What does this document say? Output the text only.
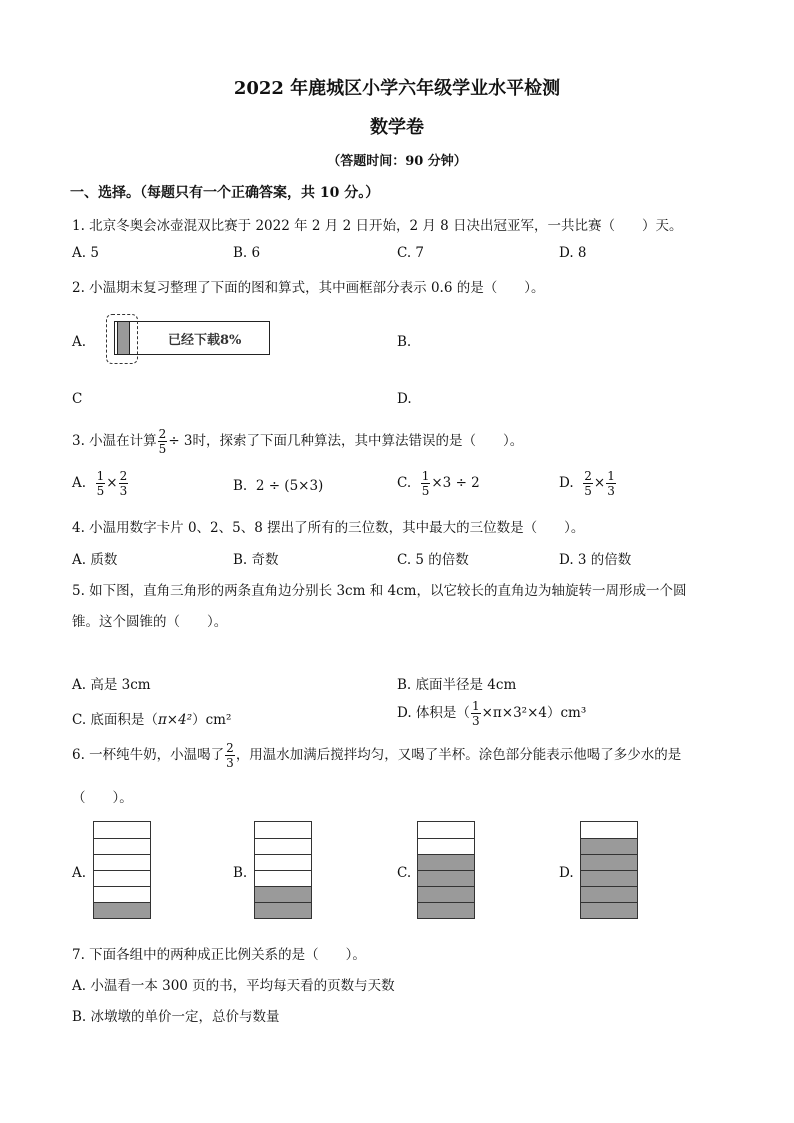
2022 年鹿城区小学六年级学业水平检测
数学卷
（答题时间：90 分钟）
一、选择。（每题只有一个正确答案，共 10 分。）
1. 北京冬奥会冰壶混双比赛于 2022 年 2 月 2 日开始，2 月 8 日决出冠亚军，一共比赛（　　）天。
A. 5	B. 6	C. 7	D. 8
2. 小温期末复习整理了下面的图和算式，其中画框部分表示 0.6 的是（　　）。
A.	已经下载8%	B.
C	D.
3. 小温在计算 $\frac{2}{5} \div 3$时，探索了下面几种算法，其中算法错误的是（　　）。
A. $\frac{1}{5} \times \frac{2}{3}$	B. 2 ÷ (5×3)	C. $\frac{1}{5} \times 3 \div 2$	D. $\frac{2}{5} \times \frac{1}{3}$
4. 小温用数字卡片 0、2、5、8 摆出了所有的三位数，其中最大的三位数是（　　）。
A. 质数	B. 奇数	C. 5 的倍数	D. 3 的倍数
5. 如下图，直角三角形的两条直角边分别长 3cm 和 4cm，以它较长的直角边为轴旋转一周形成一个圆
锥。这个圆锥的（　　）。
A. 高是 3cm	B. 底面半径是 4cm
C. 底面积是（π×4²）cm²	D. 体积是（ $\frac{1}{3} \times\pi\times 3^2\times 4)cm^3$
6. 一杯纯牛奶，小温喝了 $\frac{2}{3}$ ，用温水加满后搅拌均匀，又喝了半杯。涂色部分能表示他喝了多少水的是
（　　）。
A.	B.	C.	D.
7. 下面各组中的两种成正比例关系的是（　　）。
A. 小温看一本 300 页的书，平均每天看的页数与天数
B. 冰墩墩的单价一定，总价与数量
